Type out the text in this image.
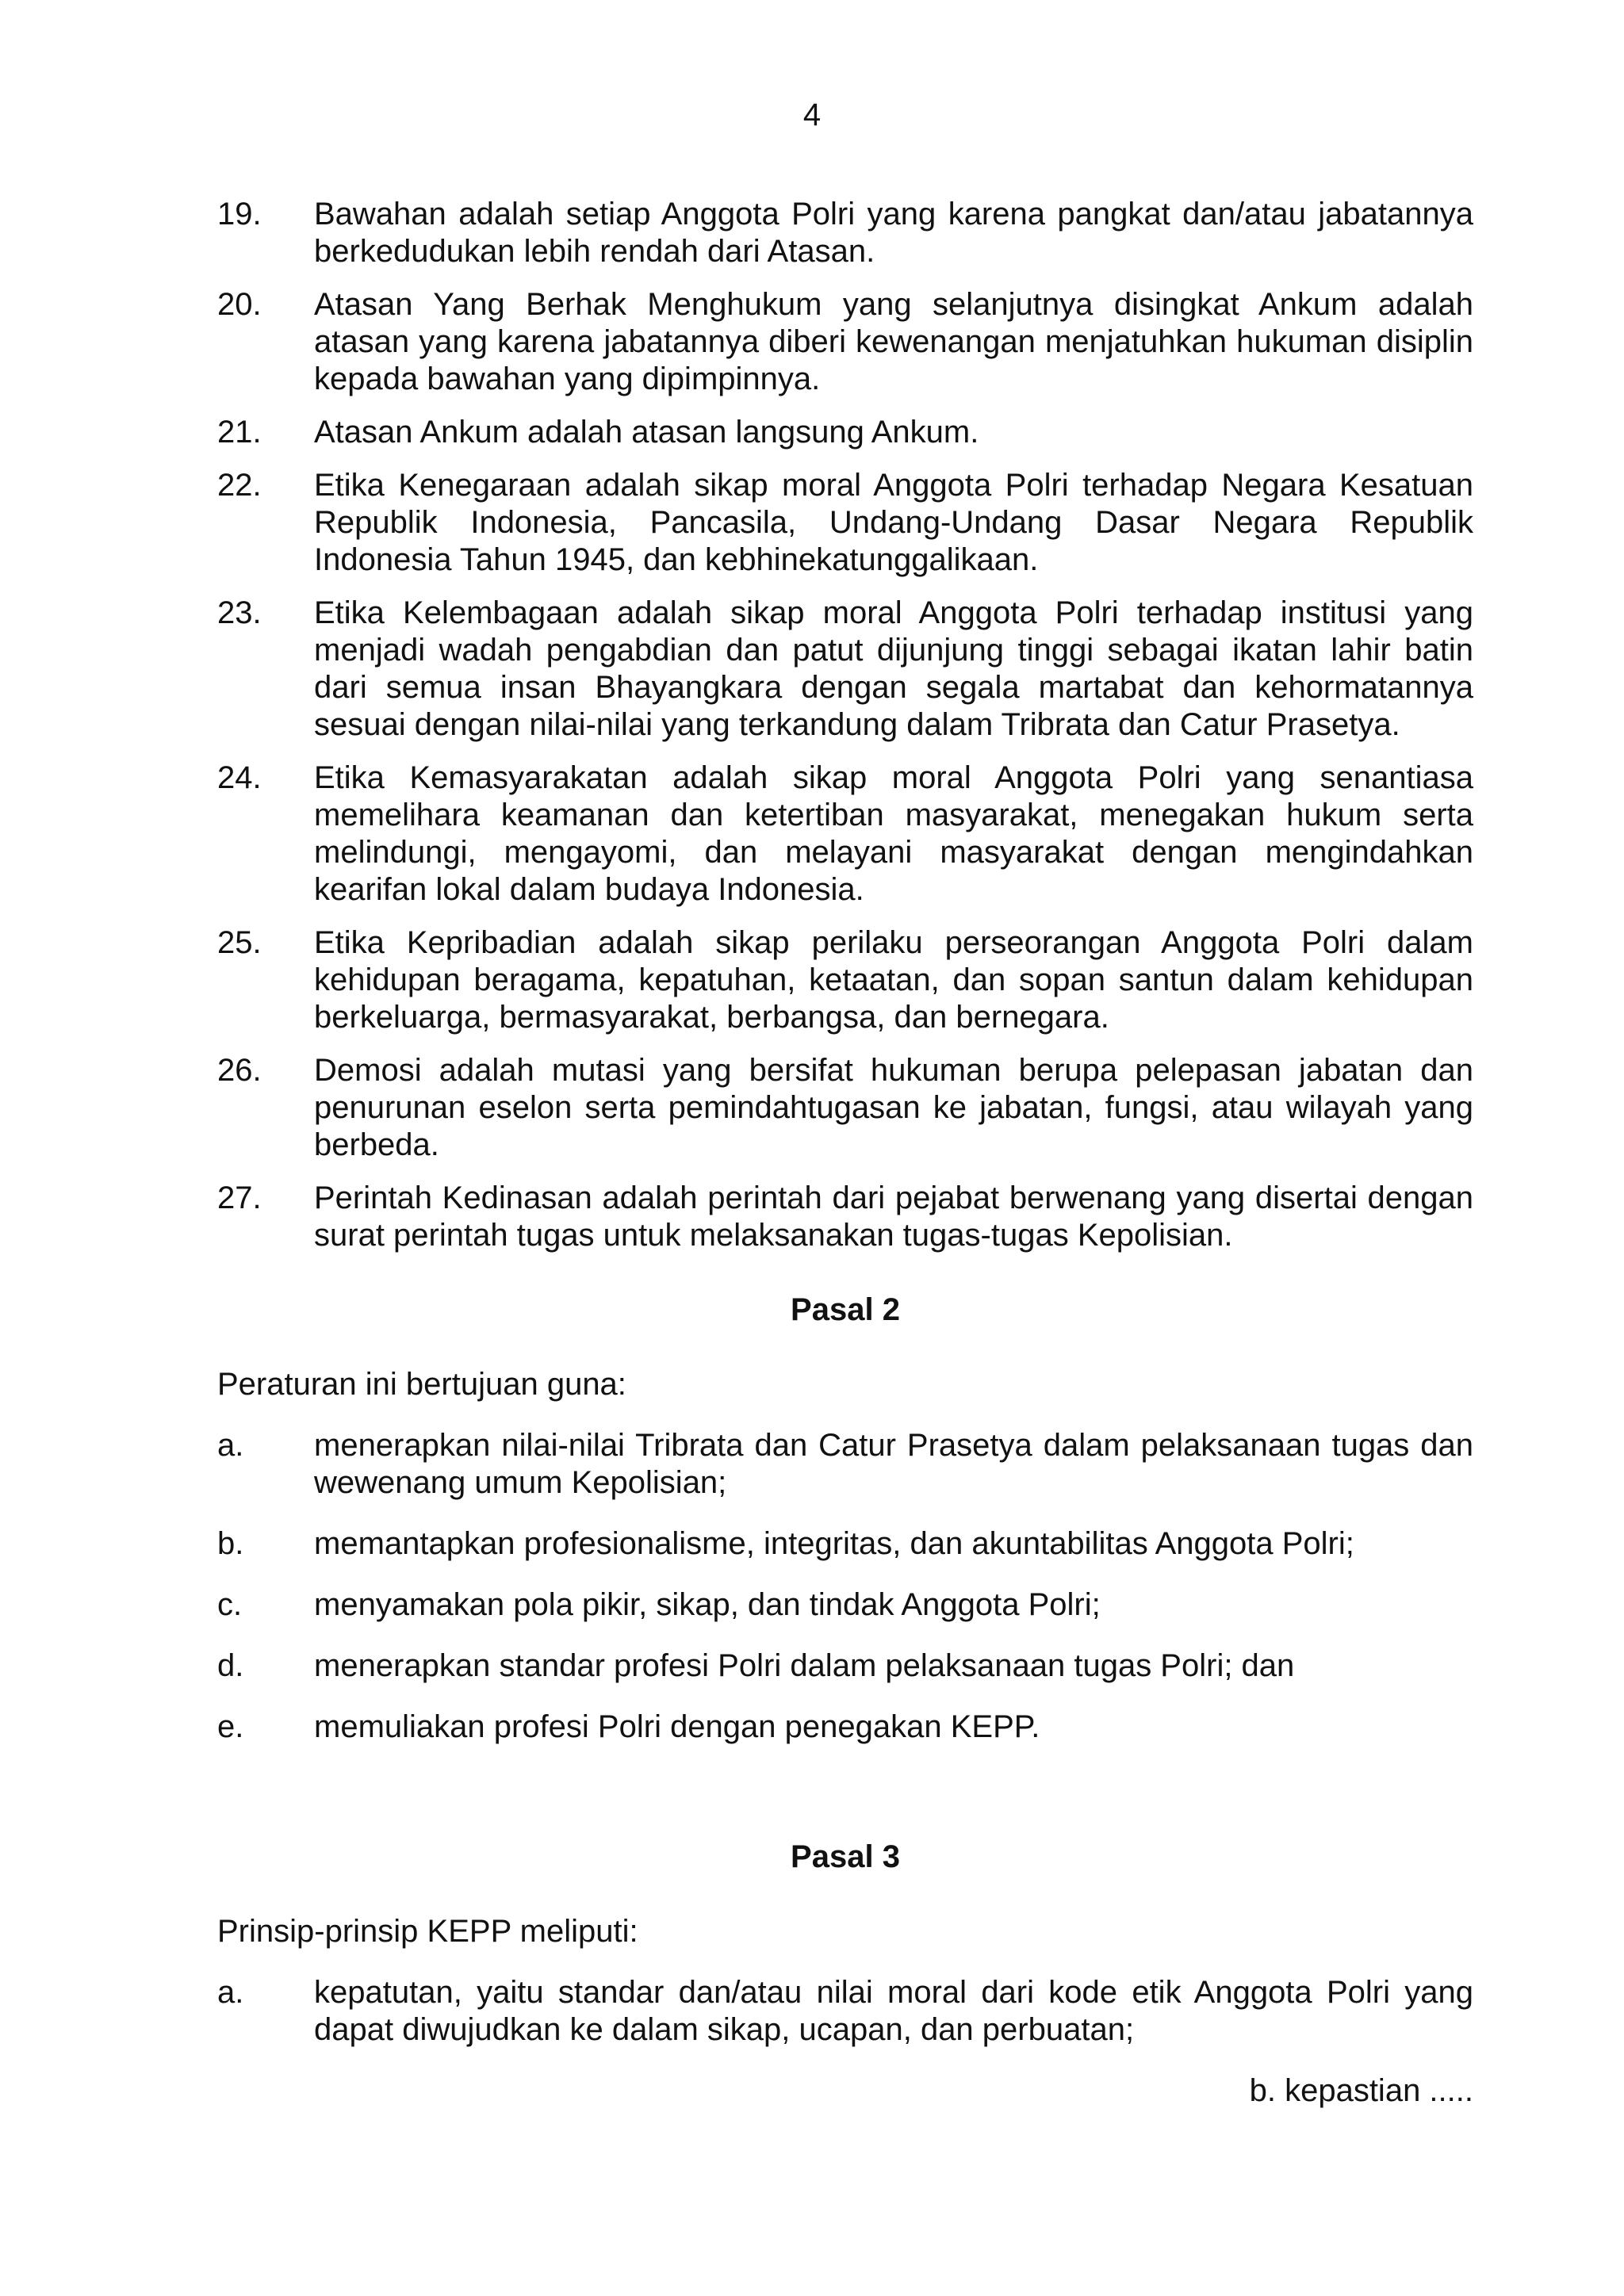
4
19.	Bawahan adalah setiap Anggota Polri yang karena pangkat dan/atau jabatannya berkedudukan lebih rendah dari Atasan.
20.	Atasan Yang Berhak Menghukum yang selanjutnya disingkat Ankum adalah atasan yang karena jabatannya diberi kewenangan menjatuhkan hukuman disiplin kepada bawahan yang dipimpinnya.
21.	Atasan Ankum adalah atasan langsung Ankum.
22.	Etika Kenegaraan adalah sikap moral Anggota Polri terhadap Negara Kesatuan Republik Indonesia, Pancasila, Undang-Undang Dasar Negara Republik Indonesia Tahun 1945, dan kebhinekatunggalikaan.
23.	Etika Kelembagaan adalah sikap moral Anggota Polri terhadap institusi yang menjadi wadah pengabdian dan patut dijunjung tinggi sebagai ikatan lahir batin dari semua insan Bhayangkara dengan segala martabat dan kehormatannya sesuai dengan nilai-nilai yang terkandung dalam Tribrata dan Catur Prasetya.
24.	Etika Kemasyarakatan adalah sikap moral Anggota Polri yang senantiasa memelihara keamanan dan ketertiban masyarakat, menegakan hukum serta melindungi, mengayomi, dan melayani masyarakat dengan mengindahkan kearifan lokal dalam budaya Indonesia.
25.	Etika Kepribadian adalah sikap perilaku perseorangan Anggota Polri dalam kehidupan beragama, kepatuhan, ketaatan, dan sopan santun dalam kehidupan berkeluarga, bermasyarakat, berbangsa, dan bernegara.
26.	Demosi adalah mutasi yang bersifat hukuman berupa pelepasan jabatan dan penurunan eselon serta pemindahtugasan ke jabatan, fungsi, atau wilayah yang berbeda.
27.	Perintah Kedinasan adalah perintah dari pejabat berwenang yang disertai dengan surat perintah tugas untuk melaksanakan tugas-tugas Kepolisian.
Pasal 2
Peraturan ini bertujuan guna:
a.	menerapkan nilai-nilai Tribrata dan Catur Prasetya dalam pelaksanaan tugas dan wewenang umum Kepolisian;
b.	memantapkan profesionalisme, integritas, dan akuntabilitas Anggota Polri;
c.	menyamakan pola pikir, sikap, dan tindak Anggota Polri;
d.	menerapkan standar profesi Polri dalam pelaksanaan tugas Polri; dan
e.	memuliakan profesi Polri dengan penegakan KEPP.
Pasal 3
Prinsip-prinsip KEPP meliputi:
a.	kepatutan, yaitu standar dan/atau nilai moral dari kode etik Anggota Polri yang dapat diwujudkan ke dalam sikap, ucapan, dan perbuatan;
b. kepastian .....
